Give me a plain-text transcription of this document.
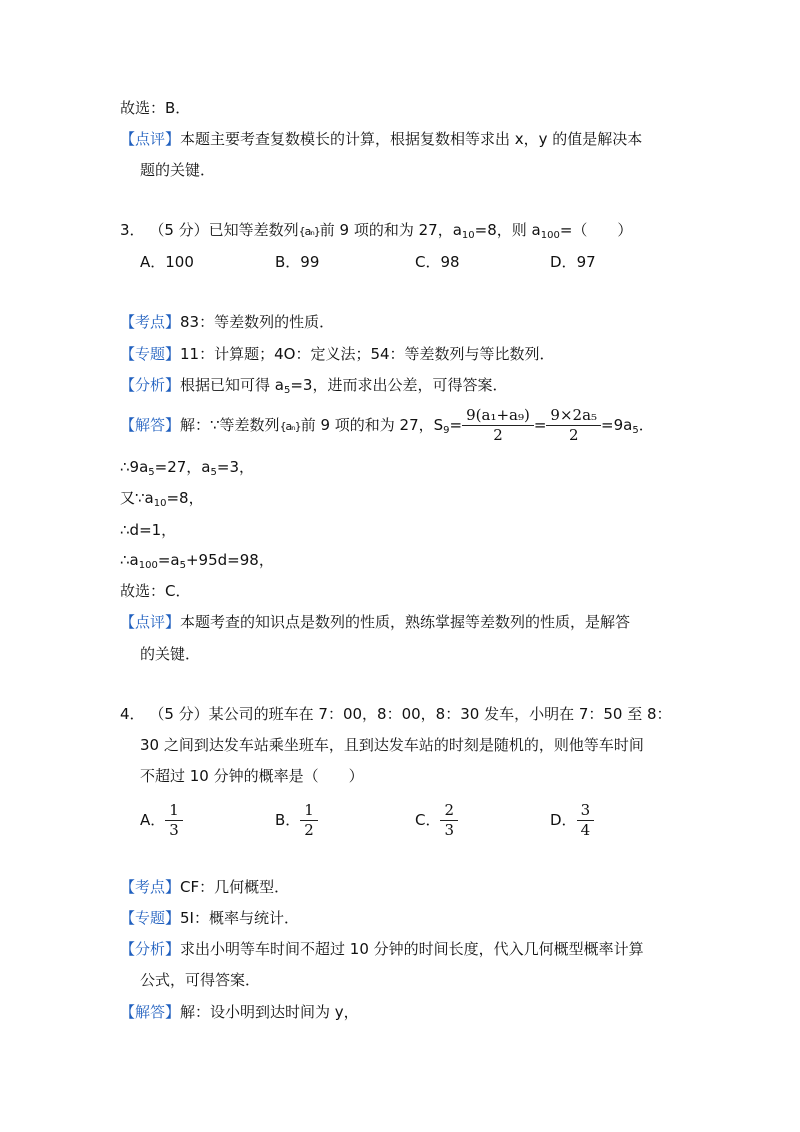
故选：B．
【点评】本题主要考查复数模长的计算，根据复数相等求出 x，y 的值是解决本
题的关键．
3． （5 分）已知等差数列{aₙ}前 9 项的和为 27，$a_{10}=8$，则 $a_{100}=$（　　）
A．100	B．99	C．98	D．97
【考点】83：等差数列的性质．
【专题】11：计算题；4O：定义法；54：等差数列与等比数列．
【分析】根据已知可得 $a_5=3$，进而求出公差，可得答案．
【解答】解：∵等差数列{aₙ}前 9 项的和为 27，$S_9= \frac{\text{9(a₁+a₉)}}{2} = \frac{\text{9×2a₅}}{2} =9a_5$．
$\therefore 9a_5=27$，$a_5=3$，
又$\because a_{10}=8$，
∴d=1，
$\therefore a_{100}=a_5+95d=98$，
故选：C．
【点评】本题考查的知识点是数列的性质，熟练掌握等差数列的性质，是解答
的关键．
4． （5 分）某公司的班车在 7：00，8：00，8：30 发车，小明在 7：50 至 8：
30 之间到达发车站乘坐班车，且到达发车站的时刻是随机的，则他等车时间
不超过 10 分钟的概率是（　　）
A． $\frac{1}{3}$	B． $\frac{1}{2}$	C． $\frac{2}{3}$	D． $\frac{3}{4}$
【考点】CF：几何概型．
【专题】5I：概率与统计．
【分析】求出小明等车时间不超过 10 分钟的时间长度，代入几何概型概率计算
公式，可得答案．
【解答】解：设小明到达时间为 y，
